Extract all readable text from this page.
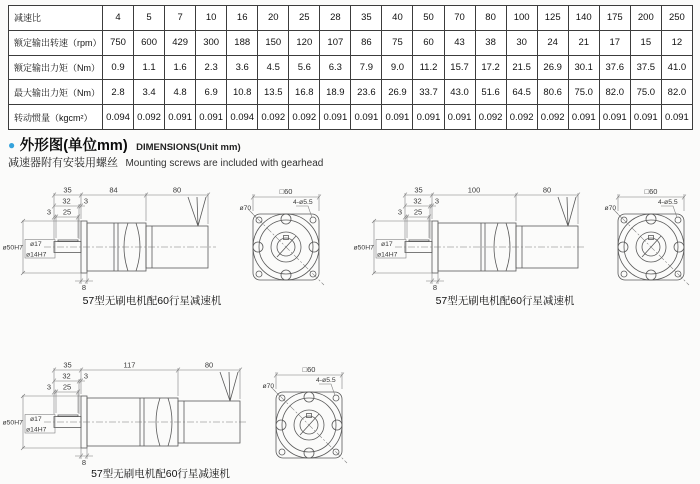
减速比	4	5	7	10	16	20	25	28	35	40	50	70	80	100	125	140	175	200	250
额定输出转速（rpm）	750	600	429	300	188	150	120	107	86	75	60	43	38	30	24	21	17	15	12
额定输出力矩（Nm）	0.9	1.1	1.6	2.3	3.6	4.5	5.6	6.3	7.9	9.0	11.2	15.7	17.2	21.5	26.9	30.1	37.6	37.5	41.0
最大输出力矩（Nm）	2.8	3.4	4.8	6.9	10.8	13.5	16.8	18.9	23.6	26.9	33.7	43.0	51.6	64.5	80.6	75.0	82.0	75.0	82.0
转动惯量（kgcm²）	0.094	0.092	0.091	0.091	0.094	0.092	0.092	0.091	0.091	0.091	0.091	0.091	0.092	0.092	0.092	0.091	0.091	0.091	0.091
● 外形图(单位mm) DIMENSIONS(Unit mm)
减速器附有安装用螺丝 Mounting screws are included with gearhead
35	84	80
32 3
3 25
ø50H7 ø17
ø14H7
8
□60
ø70
4-ø5.5
57型无刷电机配60行星减速机
35	100	80
32 3
3 25
ø50H7 ø17
ø14H7
8
□60
ø70
4-ø5.5
57型无刷电机配60行星减速机
35	117	80
32 3
3 25
ø50H7 ø17
ø14H7
8
□60
ø70
4-ø5.5
57型无刷电机配60行星减速机
